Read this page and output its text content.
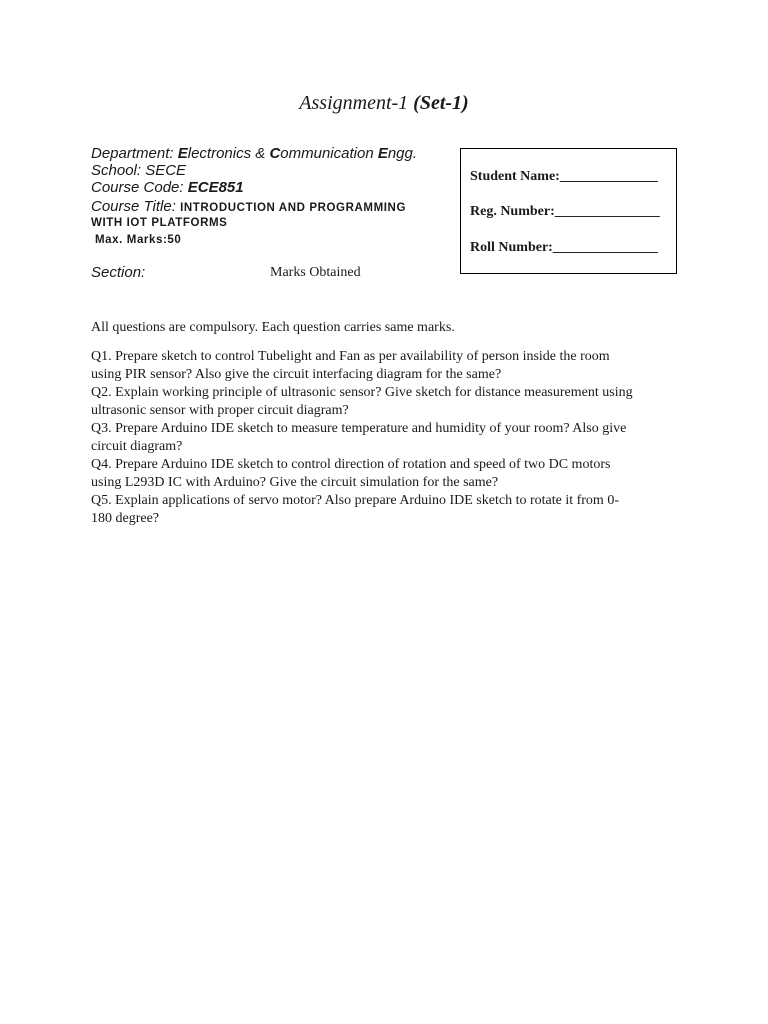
Assignment-1 (Set-1)
Department: Electronics & Communication Engg.
School: SECE
Course Code: ECE851
Course Title: INTRODUCTION AND PROGRAMMING
WITH IOT PLATFORMS
Max. Marks:50
Section:	Marks Obtained
Student Name:______________
Reg. Number:_______________
Roll Number:_______________
All questions are compulsory. Each question carries same marks.

Q1. Prepare sketch to control Tubelight and Fan as per availability of person inside the room
using PIR sensor? Also give the circuit interfacing diagram for the same?

Q2. Explain working principle of ultrasonic sensor? Give sketch for distance measurement using
ultrasonic sensor with proper circuit diagram?

Q3. Prepare Arduino IDE sketch to measure temperature and humidity of your room? Also give
circuit diagram?

Q4. Prepare Arduino IDE sketch to control direction of rotation and speed of two DC motors
using L293D IC with Arduino? Give the circuit simulation for the same?

Q5. Explain applications of servo motor? Also prepare Arduino IDE sketch to rotate it from 0-
180 degree?
